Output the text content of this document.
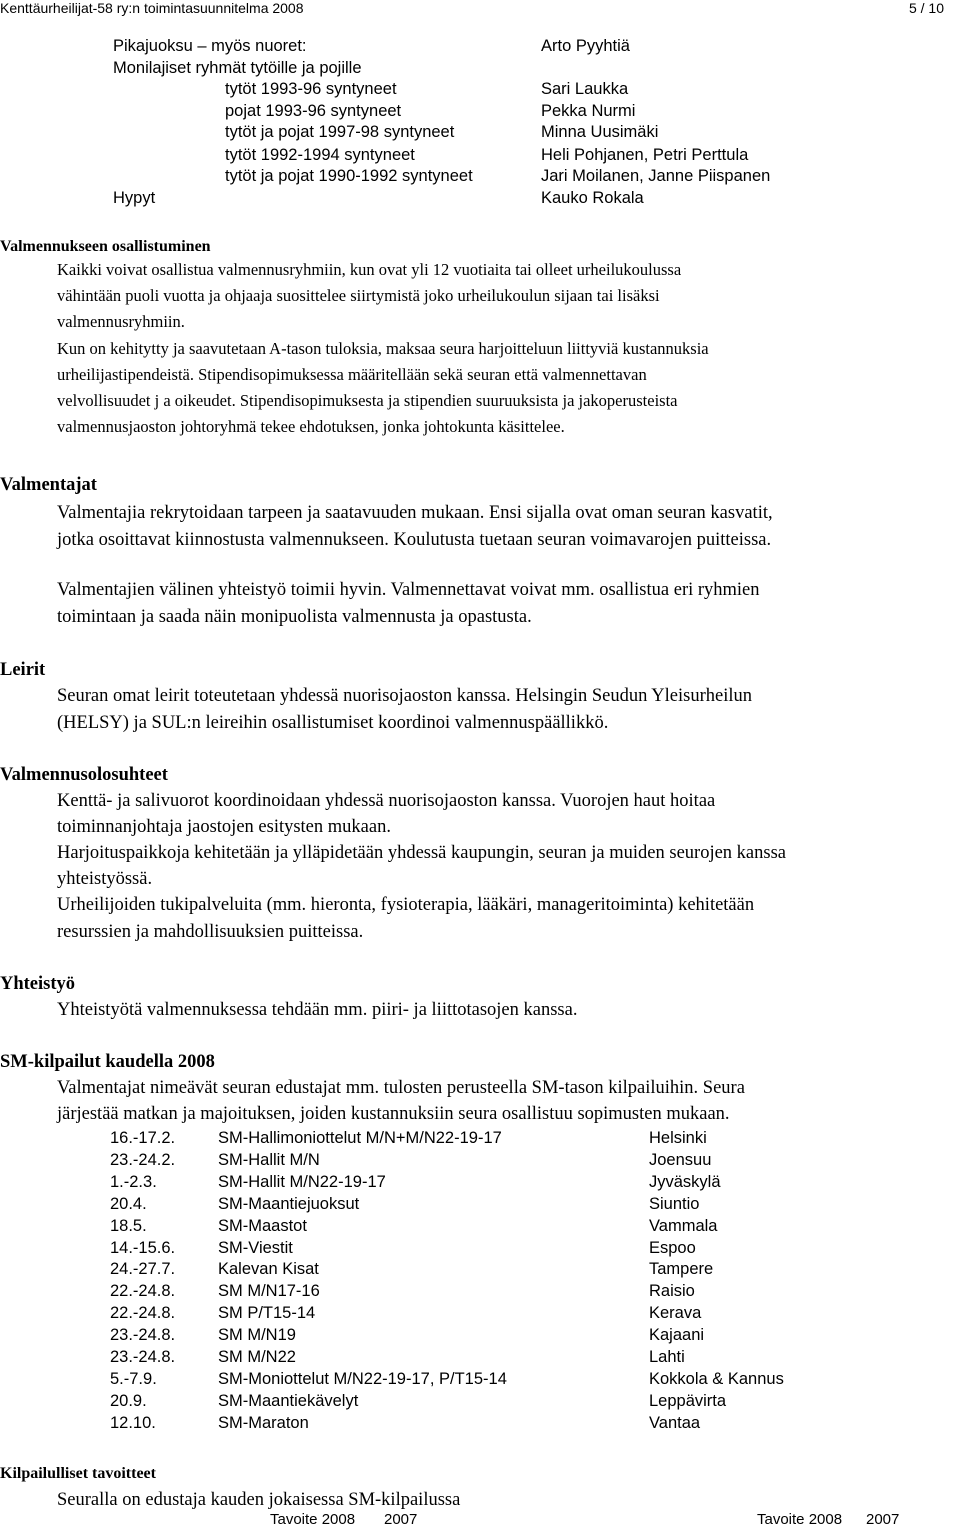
Kenttäurheilijat-58 ry:n toimintasuunnitelma 2008	5 / 10
Pikajuoksu – myös nuoret:	Arto Pyyhtiä
Monilajiset ryhmät tytöille ja pojille
tytöt 1993-96 syntyneet	Sari Laukka
pojat 1993-96 syntyneet	Pekka Nurmi
tytöt ja pojat 1997-98 syntyneet	Minna Uusimäki
tytöt 1992-1994 syntyneet	Heli Pohjanen, Petri Perttula
tytöt ja pojat 1990-1992 syntyneet	Jari Moilanen, Janne Piispanen
Hypyt	Kauko Rokala
Valmennukseen osallistuminen
Kaikki voivat osallistua valmennusryhmiin, kun ovat yli 12 vuotiaita tai olleet urheilukoulussa
vähintään puoli vuotta ja ohjaaja suosittelee siirtymistä joko urheilukoulun sijaan tai lisäksi
valmennusryhmiin.
Kun on kehitytty ja saavutetaan A-tason tuloksia, maksaa seura harjoitteluun liittyviä kustannuksia
urheilijastipendeistä. Stipendisopimuksessa määritellään sekä seuran että valmennettavan
velvollisuudet j a oikeudet. Stipendisopimuksesta ja stipendien suuruuksista ja jakoperusteista
valmennusjaoston johtoryhmä tekee ehdotuksen, jonka johtokunta käsittelee.
Valmentajat
Valmentajia rekrytoidaan tarpeen ja saatavuuden mukaan. Ensi sijalla ovat oman seuran kasvatit,
jotka osoittavat kiinnostusta valmennukseen. Koulutusta tuetaan seuran voimavarojen puitteissa.
Valmentajien välinen yhteistyö toimii hyvin. Valmennettavat voivat mm. osallistua eri ryhmien
toimintaan ja saada näin monipuolista valmennusta ja opastusta.
Leirit
Seuran omat leirit toteutetaan yhdessä nuorisojaoston kanssa. Helsingin Seudun Yleisurheilun
(HELSY) ja SUL:n leireihin osallistumiset koordinoi valmennuspäällikkö.
Valmennusolosuhteet
Kenttä- ja salivuorot koordinoidaan yhdessä nuorisojaoston kanssa. Vuorojen haut hoitaa
toiminnanjohtaja jaostojen esitysten mukaan.
Harjoituspaikkoja kehitetään ja ylläpidetään yhdessä kaupungin, seuran ja muiden seurojen kanssa
yhteistyössä.
Urheilijoiden tukipalveluita (mm. hieronta, fysioterapia, lääkäri, manageritoiminta) kehitetään
resurssien ja mahdollisuuksien puitteissa.
Yhteistyö
Yhteistyötä valmennuksessa tehdään mm. piiri- ja liittotasojen kanssa.
SM-kilpailut kaudella 2008
Valmentajat nimeävät seuran edustajat mm. tulosten perusteella SM-tason kilpailuihin. Seura
järjestää matkan ja majoituksen, joiden kustannuksiin seura osallistuu sopimusten mukaan.
16.-17.2.	SM-Hallimoniottelut M/N+M/N22-19-17	Helsinki
23.-24.2.	SM-Hallit M/N	Joensuu
1.-2.3.	SM-Hallit M/N22-19-17	Jyväskylä
20.4.	SM-Maantiejuoksut	Siuntio
18.5.	SM-Maastot	Vammala
14.-15.6.	SM-Viestit	Espoo
24.-27.7.	Kalevan Kisat	Tampere
22.-24.8.	SM M/N17-16	Raisio
22.-24.8.	SM P/T15-14	Kerava
23.-24.8.	SM M/N19	Kajaani
23.-24.8.	SM M/N22	Lahti
5.-7.9.	SM-Moniottelut M/N22-19-17, P/T15-14	Kokkola & Kannus
20.9.	SM-Maantiekävelyt	Leppävirta
12.10.	SM-Maraton	Vantaa
Kilpailulliset tavoitteet
Seuralla on edustaja kauden jokaisessa SM-kilpailussa
Tavoite 2008 2007	Tavoite 2008 2007
